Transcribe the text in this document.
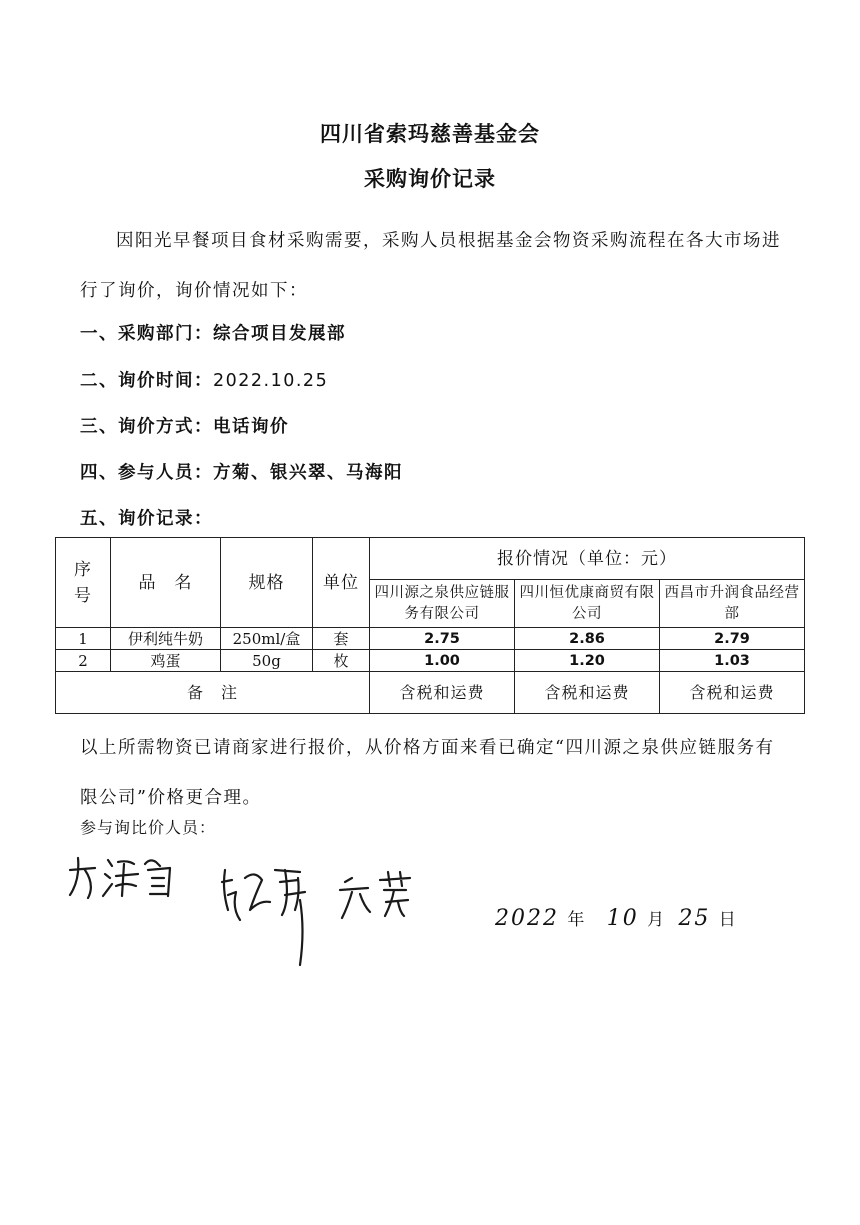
四川省索玛慈善基金会
采购询价记录
因阳光早餐项目食材采购需要，采购人员根据基金会物资采购流程在各大市场进行了询价，询价情况如下：
一、采购部门：综合项目发展部
二、询价时间：2022.10.25
三、询价方式：电话询价
四、参与人员：方菊、银兴翠、马海阳
五、询价记录：
序号	品　名	规格	单位	报价情况（单位：元）		
				四川源之泉供应链服务有限公司	四川恒优康商贸有限公司	西昌市升润食品经营部
1	伊利纯牛奶	250ml/盒	套	2.75	2.86	2.79
2	鸡蛋	50g	枚	1.00	1.20	1.03
备　注				含税和运费	含税和运费	含税和运费
以上所需物资已请商家进行报价，从价格方面来看已确定“四川源之泉供应链服务有限公司”价格更合理。
参与询比价人员：
2022 年 10 月 25 日
